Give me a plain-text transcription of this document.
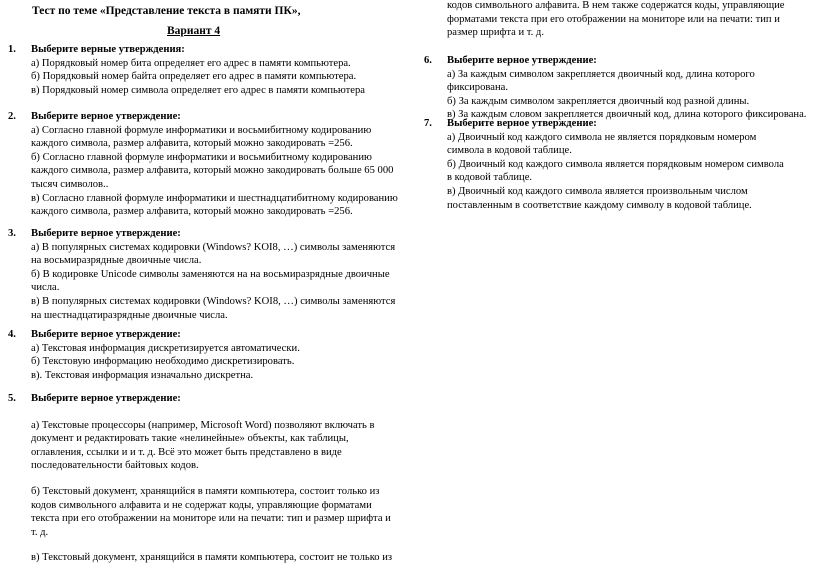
Тест по теме «Представление текста в памяти ПК»,
Вариант 4
1.	Выберите верные утверждения:
а) Порядковый номер бита определяет его адрес в памяти компьютера.
б) Порядковый номер байта определяет его адрес в памяти компьютера.
в) Порядковый номер символа определяет его адрес в памяти компьютера
2.	Выберите верное утверждение:
а) Согласно главной формуле информатики и восьмибитному кодированию каждого символа, размер алфавита, который можно закодировать =256.
б) Согласно главной формуле информатики и восьмибитному кодированию каждого символа, размер алфавита, который можно закодировать больше 65 000 тысяч символов..
в) Согласно главной формуле информатики и шестнадцатибитному кодированию каждого символа, размер алфавита, который можно закодировать =256.
3.	Выберите верное утверждение:
а) В популярных системах кодировки (Windows? KOI8, …) символы заменяются на восьмиразрядные двоичные числа.
б) В кодировке Unicode символы заменяются на на восьмиразрядные двоичные числа.
в) В популярных системах кодировки (Windows? KOI8, …) символы заменяются на шестнадцатиразрядные двоичные числа.
4.	Выберите верное утверждение:
а) Текстовая информация дискретизируется автоматически.
б) Текстовую информацию необходимо дискретизировать.
в). Текстовая информация изначально дискретна.
5.	Выберите верное утверждение:
а) Текстовые процессоры (например, Microsoft Word) позволяют включать в документ и редактировать такие «нелинейные» объекты, как таблицы, оглавления, ссылки и и т. д. Всё это может быть представлено в виде последовательности байтовых кодов.
б) Текстовый документ, хранящийся в памяти компьютера, состоит только из кодов символьного алфавита и не содержат коды, управляющие форматами текста при его отображении на мониторе или на печати: тип и размер шрифта и т. д.
в) Текстовый документ, хранящийся в памяти компьютера, состоит не только из
кодов символьного алфавита. В нем также содержатся коды, управляющие форматами текста при его отображении на мониторе или на печати: тип и размер шрифта и т. д.
6.	Выберите верное утверждение:
а) За каждым символом закрепляется двоичный код, длина которого фиксирована.
б) За каждым символом закрепляется двоичный код разной длины.
в) За каждым словом закрепляется двоичный код, длина которого фиксирована.
7.	Выберите верное утверждение:
а) Двоичный код каждого символа не является порядковым номером символа в кодовой таблице.
б) Двоичный код каждого символа является порядковым номером символа в кодовой таблице.
в) Двоичный код каждого символа является произвольным числом поставленным в соответствие каждому символу в кодовой таблице.
